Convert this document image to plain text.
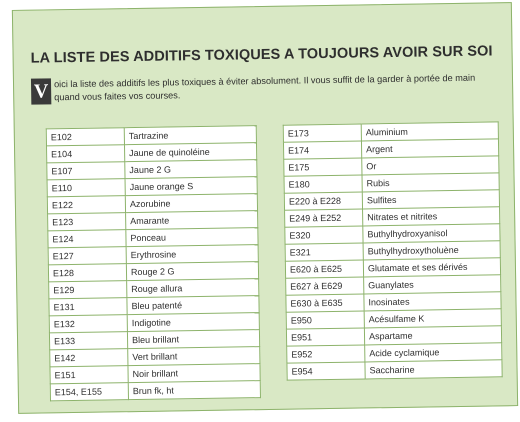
LA LISTE DES ADDITIFS TOXIQUES A TOUJOURS AVOIR SUR SOI
V oici la liste des additifs les plus toxiques à éviter absolument. Il vous suffit de la garder à portée de main quand vous faites vos courses.
E102	Tartrazine
E104	Jaune de quinoléine
E107	Jaune 2 G
E110	Jaune orange S
E122	Azorubine
E123	Amarante
E124	Ponceau
E127	Erythrosine
E128	Rouge 2 G
E129	Rouge allura
E131	Bleu patenté
E132	Indigotine
E133	Bleu brillant
E142	Vert brillant
E151	Noir brillant
E154, E155	Brun fk, ht
E173	Aluminium
E174	Argent
E175	Or
E180	Rubis
E220 à E228	Sulfites
E249 à E252	Nitrates et nitrites
E320	Buthylhydroxyanisol
E321	Buthylhydroxytholuène
E620 à E625	Glutamate et ses dérivés
E627 à E629	Guanylates
E630 à E635	Inosinates
E950	Acésulfame K
E951	Aspartame
E952	Acide cyclamique
E954	Saccharine
